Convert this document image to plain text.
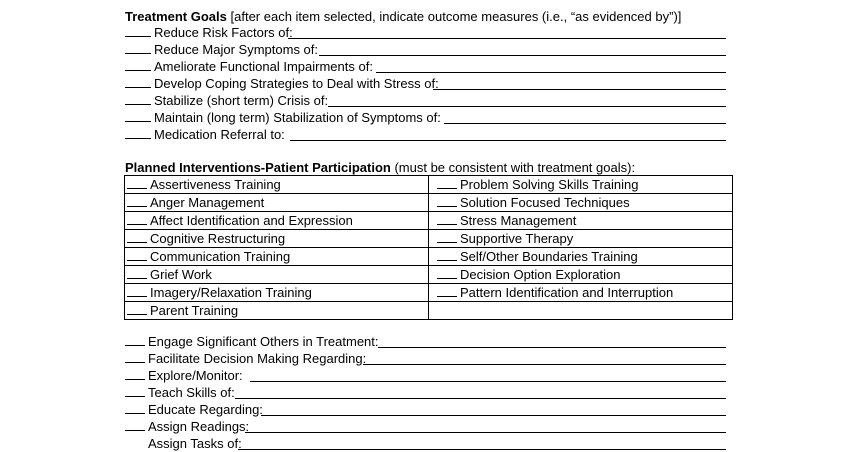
Treatment Goals [after each item selected, indicate outcome measures (i.e., “as evidenced by”)]
Reduce Risk Factors of:
Reduce Major Symptoms of:
Ameliorate Functional Impairments of:
Develop Coping Strategies to Deal with Stress of:
Stabilize (short term) Crisis of:
Maintain (long term) Stabilization of Symptoms of:
Medication Referral to:
Planned Interventions-Patient Participation (must be consistent with treatment goals):
Assertiveness Training	Problem Solving Skills Training
Anger Management	Solution Focused Techniques
Affect Identification and Expression	Stress Management
Cognitive Restructuring	Supportive Therapy
Communication Training	Self/Other Boundaries Training
Grief Work	Decision Option Exploration
Imagery/Relaxation Training	Pattern Identification and Interruption
Parent Training	
Engage Significant Others in Treatment:
Facilitate Decision Making Regarding:
Explore/Monitor:
Teach Skills of:
Educate Regarding:
Assign Readings:
Assign Tasks of:
